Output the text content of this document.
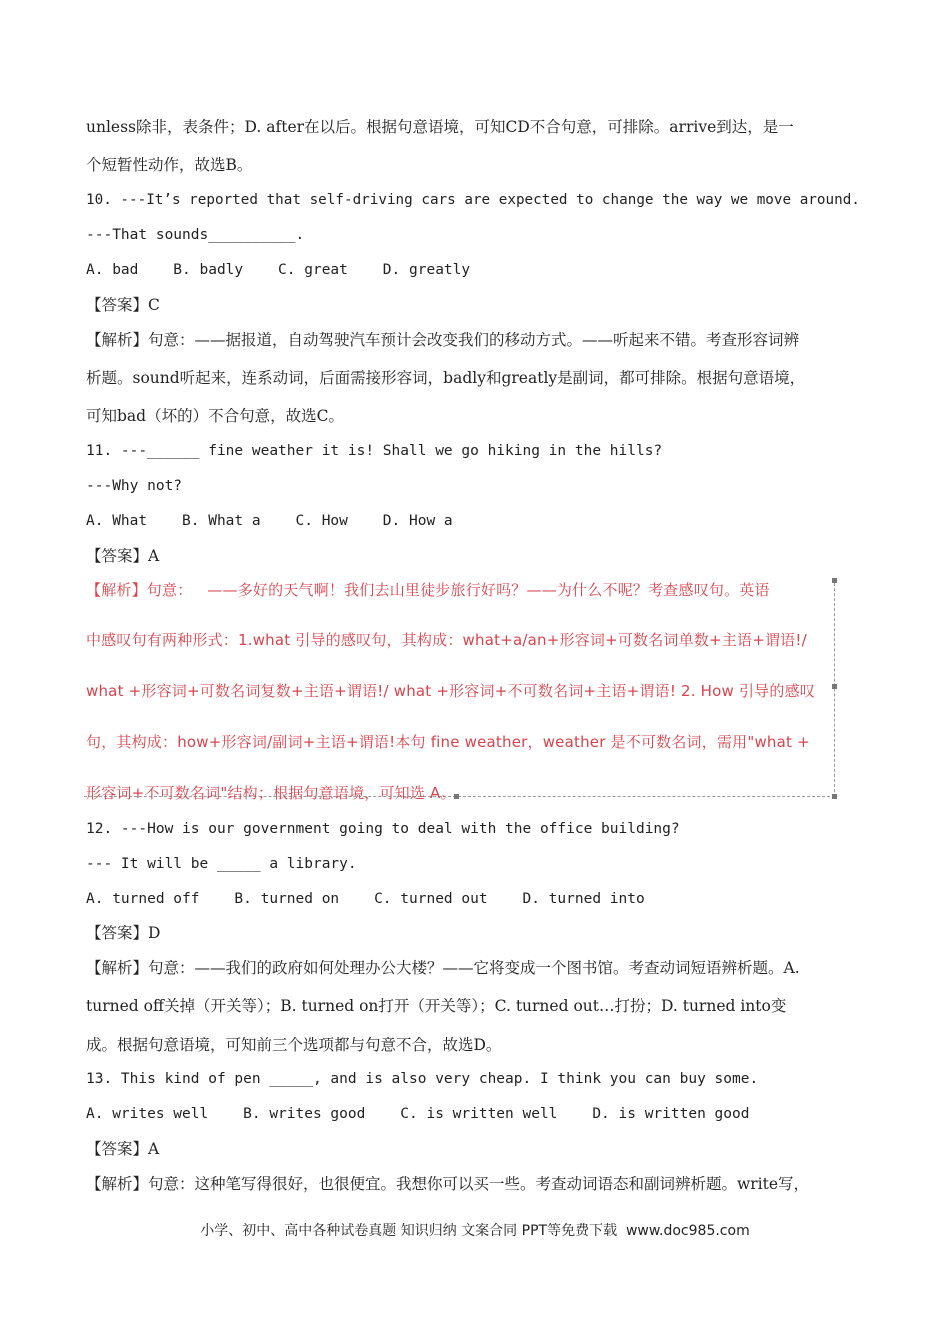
unless除非，表条件；D. after在以后。根据句意语境，可知CD不合句意，可排除。arrive到达，是一
个短暂性动作，故选B。
10. ---It’s reported that self-driving cars are expected to change the way we move around.
---That sounds__________.
A. bad    B. badly    C. great    D. greatly
【答案】C
【解析】句意：——据报道，自动驾驶汽车预计会改变我们的移动方式。——听起来不错。考查形容词辨
析题。sound听起来，连系动词，后面需接形容词，badly和greatly是副词，都可排除。根据句意语境，
可知bad（坏的）不合句意，故选C。
11. ---______ fine weather it is! Shall we go hiking in the hills?
---Why not?
A. What    B. What a    C. How    D. How a
【答案】A
【解析】句意：   ——多好的天气啊！我们去山里徒步旅行好吗？——为什么不呢？考查感叹句。英语
中感叹句有两种形式：1.what 引导的感叹句，其构成：what+a/an+形容词+可数名词单数+主语+谓语!/
what +形容词+可数名词复数+主语+谓语!/ what +形容词+不可数名词+主语+谓语! 2. How 引导的感叹
句，其构成：how+形容词/副词+主语+谓语!本句 fine weather，weather 是不可数名词，需用"what +
形容词+不可数名词"结构；根据句意语境，可知选 A。
12. ---How is our government going to deal with the office building?
--- It will be _____ a library.
A. turned off    B. turned on    C. turned out    D. turned into
【答案】D
【解析】句意：——我们的政府如何处理办公大楼？——它将变成一个图书馆。考查动词短语辨析题。A.
turned off关掉（开关等）；B. turned on打开（开关等）；C. turned out…打扮；D. turned into变
成。根据句意语境，可知前三个选项都与句意不合，故选D。
13. This kind of pen _____, and is also very cheap. I think you can buy some.
A. writes well    B. writes good    C. is written well    D. is written good
【答案】A
【解析】句意：这种笔写得很好，也很便宜。我想你可以买一些。考查动词语态和副词辨析题。write写，
小学、初中、高中各种试卷真题 知识归纳 文案合同 PPT等免费下载  www.doc985.com
